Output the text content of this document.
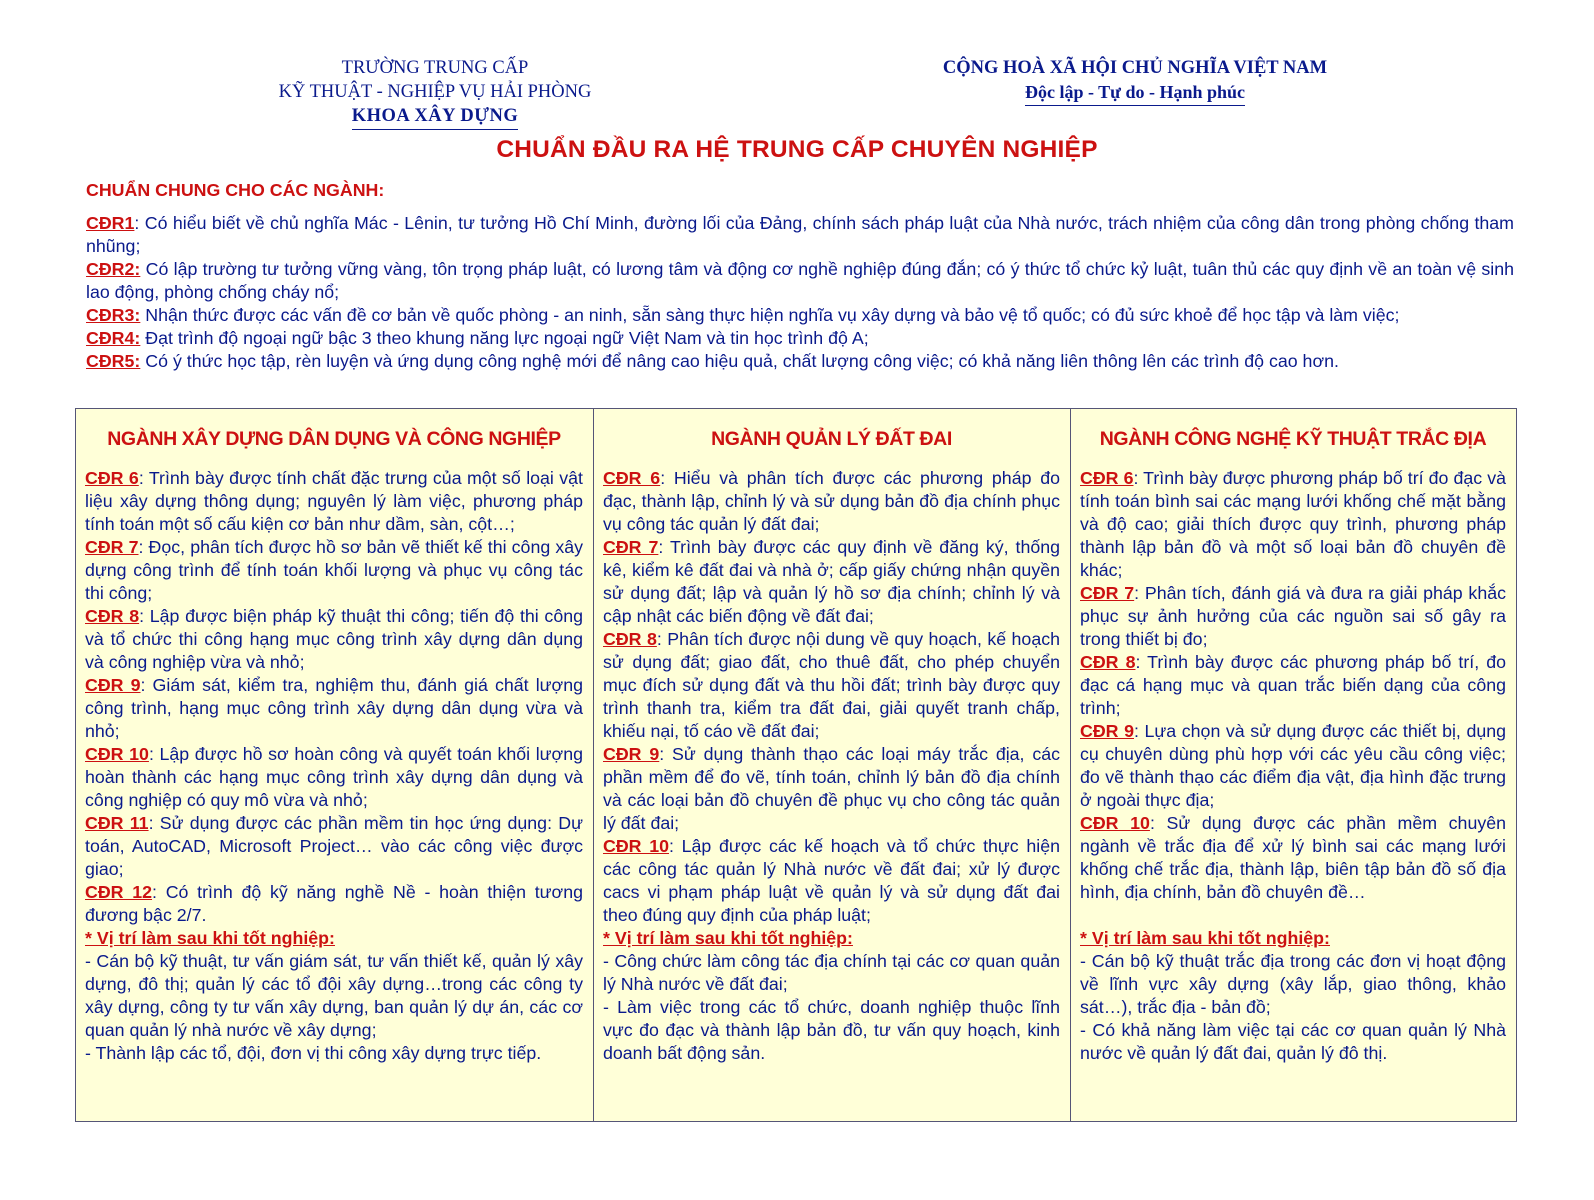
TRƯỜNG TRUNG CẤP
KỸ THUẬT - NGHIỆP VỤ HẢI PHÒNG
KHOA XÂY DỰNG
CỘNG HOÀ XÃ HỘI CHỦ NGHĨA VIỆT NAM
Độc lập - Tự do - Hạnh phúc
CHUẨN ĐẦU RA HỆ TRUNG CẤP CHUYÊN NGHIỆP
CHUẨN CHUNG CHO CÁC NGÀNH:

CĐR1: Có hiểu biết về chủ nghĩa Mác - Lênin, tư tưởng Hồ Chí Minh, đường lối của Đảng, chính sách pháp luật của Nhà nước, trách nhiệm của công dân trong phòng chống tham nhũng;

CĐR2: Có lập trường tư tưởng vững vàng, tôn trọng pháp luật, có lương tâm và động cơ nghề nghiệp đúng đắn; có ý thức tổ chức kỷ luật, tuân thủ các quy định về an toàn vệ sinh lao động, phòng chống cháy nổ;

CĐR3: Nhận thức được các vấn đề cơ bản về quốc phòng - an ninh, sẵn sàng thực hiện nghĩa vụ xây dựng và bảo vệ tổ quốc; có đủ sức khoẻ để học tập và làm việc;

CĐR4: Đạt trình độ ngoại ngữ bậc 3 theo khung năng lực ngoại ngữ Việt Nam và tin học trình độ A;

CĐR5: Có ý thức học tập, rèn luyện và ứng dụng công nghệ mới để nâng cao hiệu quả, chất lượng công việc; có khả năng liên thông lên các trình độ cao hơn.

NGÀNH XÂY DỰNG DÂN DỤNG VÀ CÔNG NGHIỆP

CĐR 6: Trình bày được tính chất đặc trưng của một số loại vật liệu xây dựng thông dụng; nguyên lý làm việc, phương pháp tính toán một số cấu kiện cơ bản như dầm, sàn, cột…;

CĐR 7: Đọc, phân tích được hồ sơ bản vẽ thiết kế thi công xây dựng công trình để tính toán khối lượng và phục vụ công tác thi công;

CĐR 8: Lập được biện pháp kỹ thuật thi công; tiến độ thi công và tổ chức thi công hạng mục công trình xây dựng dân dụng và công nghiệp vừa và nhỏ;

CĐR 9: Giám sát, kiểm tra, nghiệm thu, đánh giá chất lượng công trình, hạng mục công trình xây dựng dân dụng vừa và nhỏ;

CĐR 10: Lập được hồ sơ hoàn công và quyết toán khối lượng hoàn thành các hạng mục công trình xây dựng dân dụng và công nghiệp có quy mô vừa và nhỏ;

CĐR 11: Sử dụng được các phần mềm tin học ứng dụng: Dự toán, AutoCAD, Microsoft Project… vào các công việc được giao;

CĐR 12: Có trình độ kỹ năng nghề Nề - hoàn thiện tương đương bậc 2/7.

* Vị trí làm sau khi tốt nghiệp:

- Cán bộ kỹ thuật, tư vấn giám sát, tư vấn thiết kế, quản lý xây dựng, đô thị; quản lý các tổ đội xây dựng…trong các công ty xây dựng, công ty tư vấn xây dựng, ban quản lý dự án, các cơ quan quản lý nhà nước về xây dựng;

- Thành lập các tổ, đội, đơn vị thi công xây dựng trực tiếp.

NGÀNH QUẢN LÝ ĐẤT ĐAI

CĐR 6: Hiểu và phân tích được các phương pháp đo đạc, thành lập, chỉnh lý và sử dụng bản đồ địa chính phục vụ công tác quản lý đất đai;

CĐR 7: Trình bày được các quy định về đăng ký, thống kê, kiểm kê đất đai và nhà ở; cấp giấy chứng nhận quyền sử dụng đất; lập và quản lý hồ sơ địa chính; chỉnh lý và cập nhật các biến động về đất đai;

CĐR 8: Phân tích được nội dung về quy hoạch, kế hoạch sử dụng đất; giao đất, cho thuê đất, cho phép chuyển mục đích sử dụng đất và thu hồi đất; trình bày được quy trình thanh tra, kiểm tra đất đai, giải quyết tranh chấp, khiếu nại, tố cáo về đất đai;

CĐR 9: Sử dụng thành thạo các loại máy trắc địa, các phần mềm để đo vẽ, tính toán, chỉnh lý bản đồ địa chính và các loại bản đồ chuyên đề phục vụ cho công tác quản lý đất đai;

CĐR 10: Lập được các kế hoạch và tổ chức thực hiện các công tác quản lý Nhà nước về đất đai; xử lý được cacs vi phạm pháp luật về quản lý và sử dụng đất đai theo đúng quy định của pháp luật;

* Vị trí làm sau khi tốt nghiệp:

- Công chức làm công tác địa chính tại các cơ quan quản lý Nhà nước về đất đai;

- Làm việc trong các tổ chức, doanh nghiệp thuộc lĩnh vực đo đạc và thành lập bản đồ, tư vấn quy hoạch, kinh doanh bất động sản.

NGÀNH CÔNG NGHỆ KỸ THUẬT TRẮC ĐỊA

CĐR 6: Trình bày được phương pháp bố trí đo đạc và tính toán bình sai các mạng lưới khống chế mặt bằng và độ cao; giải thích được quy trình, phương pháp thành lập bản đồ và một số loại bản đồ chuyên đề khác;

CĐR 7: Phân tích, đánh giá và đưa ra giải pháp khắc phục sự ảnh hưởng của các nguồn sai số gây ra trong thiết bị đo;

CĐR 8: Trình bày được các phương pháp bố trí, đo đạc cá hạng mục và quan trắc biến dạng của công trình;

CĐR 9: Lựa chọn và sử dụng được các thiết bị, dụng cụ chuyên dùng phù hợp với các yêu cầu công việc; đo vẽ thành thạo các điểm địa vật, địa hình đặc trưng ở ngoài thực địa;

CĐR 10: Sử dụng được các phần mềm chuyên ngành về trắc địa để xử lý bình sai các mạng lưới khống chế trắc địa, thành lập, biên tập bản đồ số địa hình, địa chính, bản đồ chuyên đề…

* Vị trí làm sau khi tốt nghiệp:

- Cán bộ kỹ thuật trắc địa trong các đơn vị hoạt động về lĩnh vực xây dựng (xây lắp, giao thông, khảo sát…), trắc địa - bản đồ;

- Có khả năng làm việc tại các cơ quan quản lý Nhà nước về quản lý đất đai, quản lý đô thị.
